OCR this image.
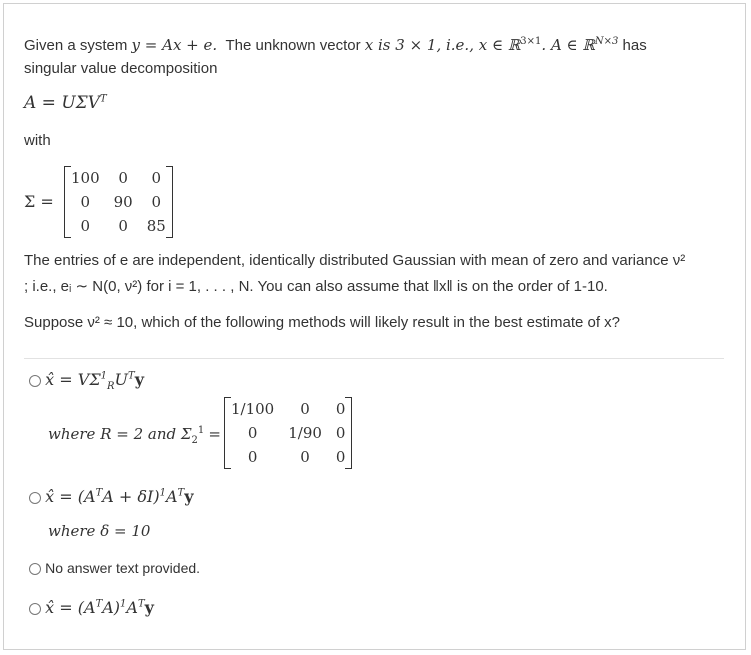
Given a system y = Ax + e. The unknown vector x is 3 × 1, i.e., x ∈ ℝ$^{3\times 1}$. A ∈ ℝ$^{N\times 3}$ has

singular value decomposition

$A = U\Sigma V^T$

with

Σ =
100	0	0
0	90	0
0	0	85

The entries of e are independent, identically distributed Gaussian with mean of zero and variance ν²

; i.e., eᵢ ∼ N(0, ν²) for i = 1, . . . , N. You can also assume that ‖x‖ is on the order of 1-10.

Suppose ν² ≈ 10, which of the following methods will likely result in the best estimate of x?

x̂ = $V\Sigma^1_RU^Ty$
where R = 2 and $\Sigma_2^1$ =
1/100	0	0
0	1/90	0
0	0	0
x̂ = $(A^TA + \delta I)^1A^Ty$

where δ = 10

No answer text provided.
x̂ = $(A^TA)^1A^Ty$
